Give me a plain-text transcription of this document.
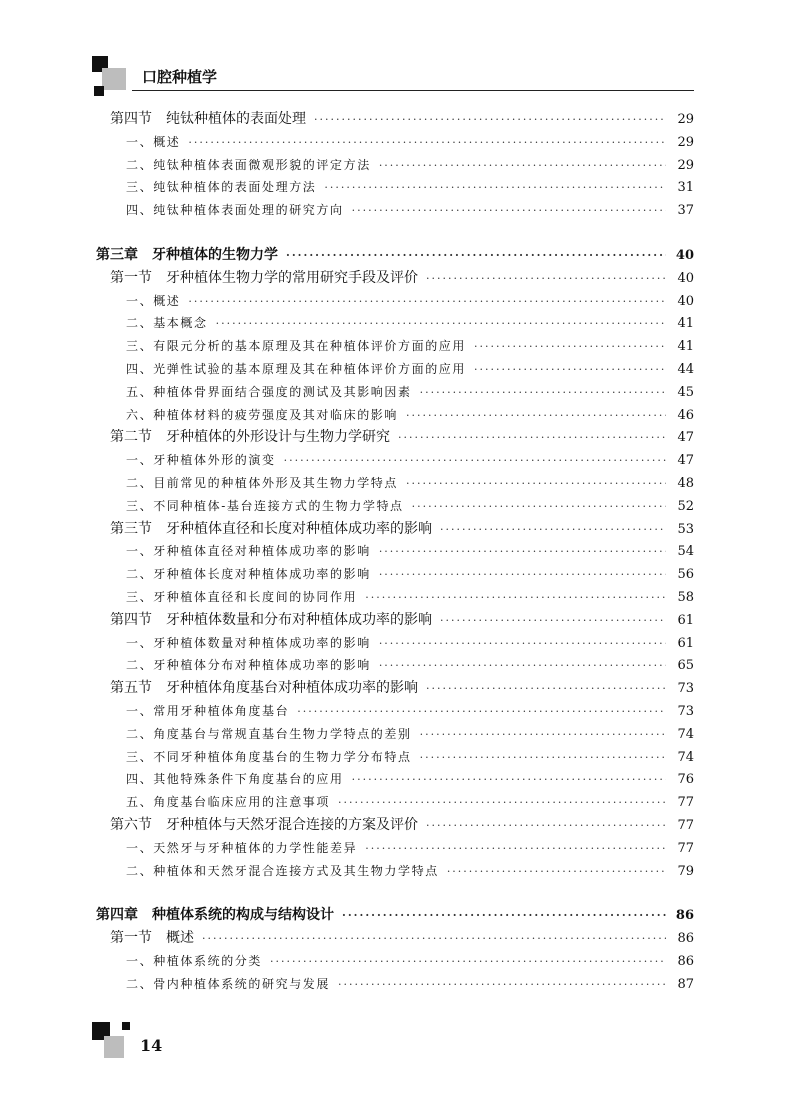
口腔种植学
第四节 纯钛种植体的表面处理 ·····	29
一、概述 ·····	29
二、纯钛种植体表面微观形貌的评定方法 ·····	29
三、纯钛种植体的表面处理方法 ·····	31
四、纯钛种植体表面处理的研究方向 ·····	37
第三章 牙种植体的生物力学 ·····	40
第一节 牙种植体生物力学的常用研究手段及评价 ·····	40
一、概述 ·····	40
二、基本概念 ·····	41
三、有限元分析的基本原理及其在种植体评价方面的应用 ·····	41
四、光弹性试验的基本原理及其在种植体评价方面的应用 ·····	44
五、种植体骨界面结合强度的测试及其影响因素 ·····	45
六、种植体材料的疲劳强度及其对临床的影响 ·····	46
第二节 牙种植体的外形设计与生物力学研究 ·····	47
一、牙种植体外形的演变 ·····	47
二、目前常见的种植体外形及其生物力学特点 ·····	48
三、不同种植体-基台连接方式的生物力学特点 ·····	52
第三节 牙种植体直径和长度对种植体成功率的影响 ·····	53
一、牙种植体直径对种植体成功率的影响 ·····	54
二、牙种植体长度对种植体成功率的影响 ·····	56
三、牙种植体直径和长度间的协同作用 ·····	58
第四节 牙种植体数量和分布对种植体成功率的影响 ·····	61
一、牙种植体数量对种植体成功率的影响 ·····	61
二、牙种植体分布对种植体成功率的影响 ·····	65
第五节 牙种植体角度基台对种植体成功率的影响 ·····	73
一、常用牙种植体角度基台 ·····	73
二、角度基台与常规直基台生物力学特点的差别 ·····	74
三、不同牙种植体角度基台的生物力学分布特点 ·····	74
四、其他特殊条件下角度基台的应用 ·····	76
五、角度基台临床应用的注意事项 ·····	77
第六节 牙种植体与天然牙混合连接的方案及评价 ·····	77
一、天然牙与牙种植体的力学性能差异 ·····	77
二、种植体和天然牙混合连接方式及其生物力学特点 ·····	79
第四章 种植体系统的构成与结构设计 ·····	86
第一节 概述 ·····	86
一、种植体系统的分类 ·····	86
二、骨内种植体系统的研究与发展 ·····	87
14
